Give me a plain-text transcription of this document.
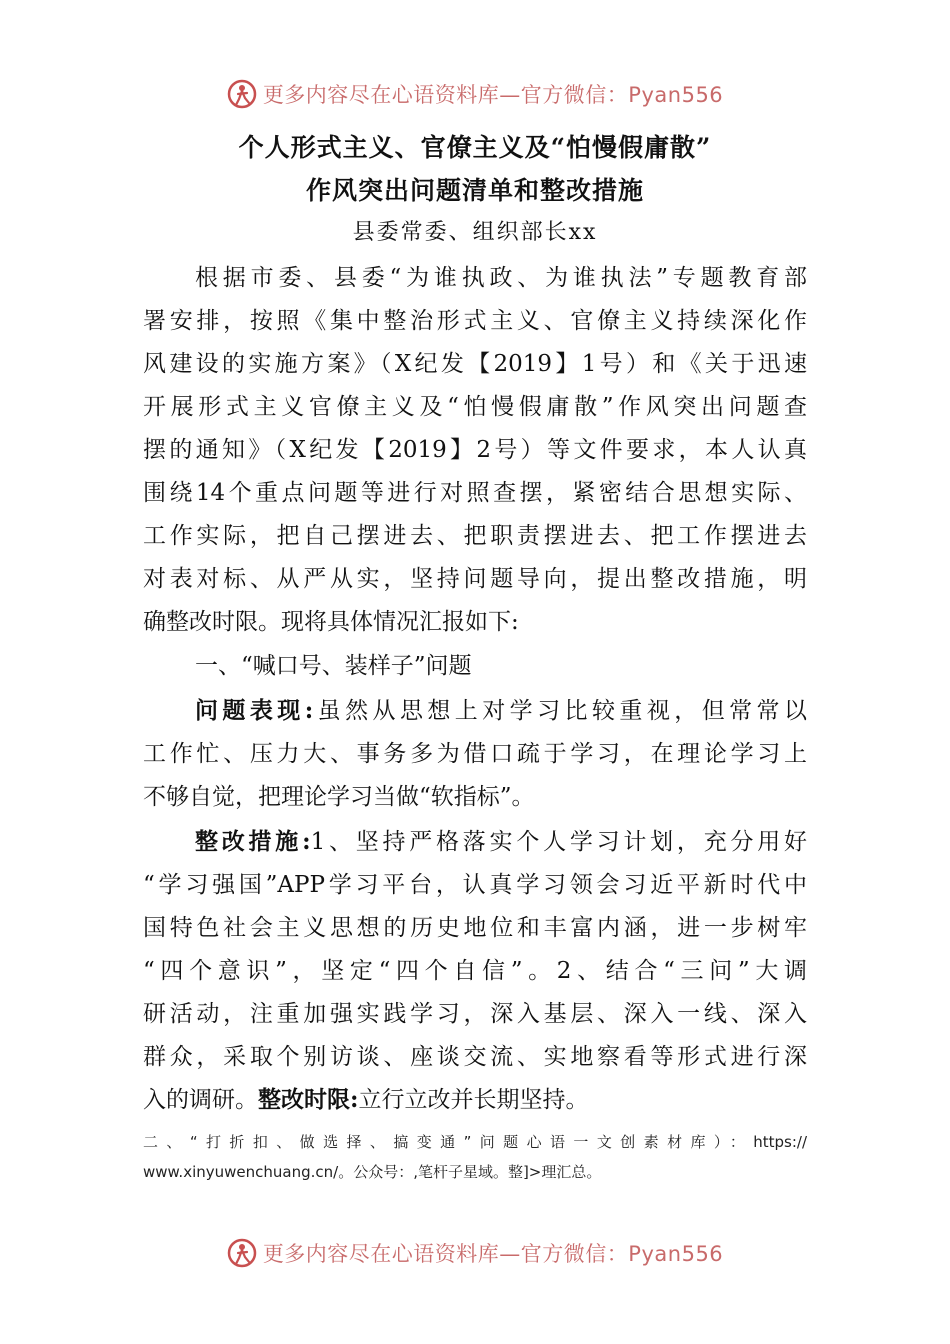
更多内容尽在心语资料库—官方微信：Pyan556
个人形式主义、官僚主义及“怕慢假庸散”
作风突出问题清单和整改措施
县委常委、组织部长xx
根据市委、县委“为谁执政、为谁执法”专题教育部
署安排，按照《集中整治形式主义、官僚主义持续深化作
风建设的实施方案》（X纪发【2019】1号）和《关于迅速
开展形式主义官僚主义及“怕慢假庸散”作风突出问题查
摆的通知》（X纪发【2019】2号）等文件要求，本人认真
围绕14个重点问题等进行对照查摆，紧密结合思想实际、
工作实际，把自己摆进去、把职责摆进去、把工作摆进去
对表对标、从严从实，坚持问题导向，提出整改措施，明
确整改时限。现将具体情况汇报如下:
一、“喊口号、装样子”问题
问题表现:虽然从思想上对学习比较重视，但常常以
工作忙、压力大、事务多为借口疏于学习，在理论学习上
不够自觉，把理论学习当做“软指标”。
整改措施:1、坚持严格落实个人学习计划，充分用好
“学习强国”APP学习平台，认真学习领会习近平新时代中
国特色社会主义思想的历史地位和丰富内涵，进一步树牢
“四个意识”，坚定“四个自信”。2、结合“三问”大调
研活动，注重加强实践学习，深入基层、深入一线、深入
群众，采取个别访谈、座谈交流、实地察看等形式进行深
入的调研。整改时限:立行立改并长期坚持。
二、“打折扣、做选择、搞变通”问题心语一文创素材库）：https://
www.xinyuwenchuang.cn/。公众号：,笔杆子星域。整]>理汇总。
更多内容尽在心语资料库—官方微信：Pyan556
